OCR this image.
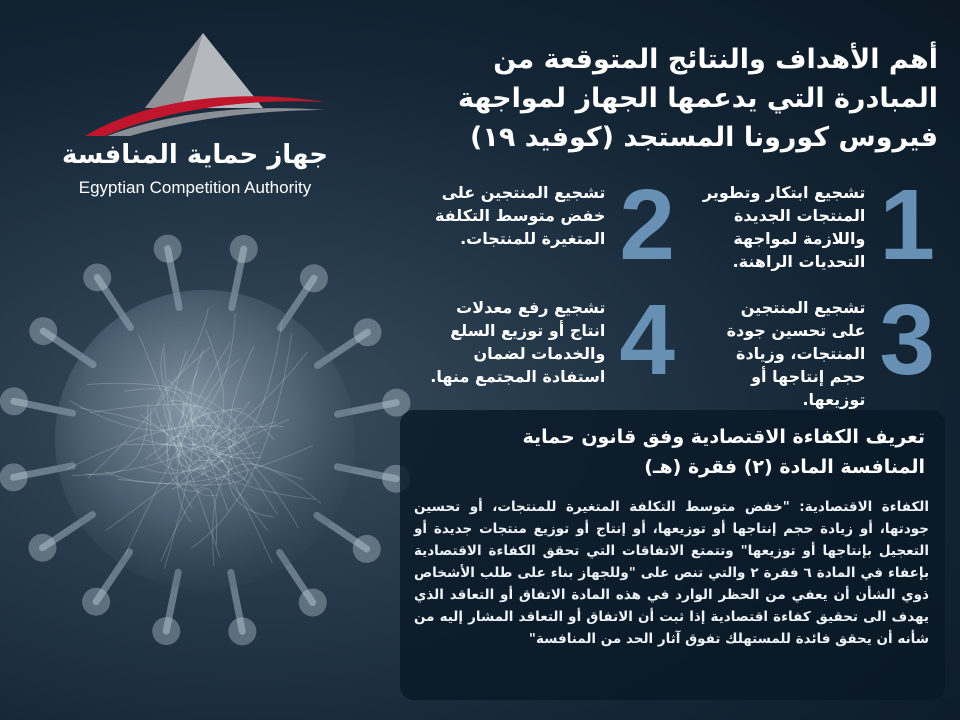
جهاز حماية المنافسة
Egyptian Competition Authority
أهم الأهداف والنتائج المتوقعة من
المبادرة التي يدعمها الجهاز لمواجهة
فيروس كورونا المستجد (كوفيد ١٩)
1
تشجيع ابتكار وتطوير
المنتجات الجديدة
واللازمة لمواجهة
التحديات الراهنة.
2
تشجيع المنتجين على
خفض متوسط التكلفة
المتغيرة للمنتجات.
3
تشجيع المنتجين
على تحسين جودة
المنتجات، وزيادة
حجم إنتاجها أو
توزيعها.
4
تشجيع رفع معدلات
انتاج أو توزيع السلع
والخدمات لضمان
استفادة المجتمع منها.
تعريف الكفاءة الاقتصادية وفق قانون حماية
المنافسة المادة (٢) فقرة (هـ)
الكفاءة الاقتصادية: "خفض متوسط التكلفة المتغيرة للمنتجات، أو تحسين جودتها، أو زيادة حجم إنتاجها أو توزيعها، أو إنتاج أو توزيع منتجات جديدة أو التعجيل بإنتاجها أو توزيعها" وتتمتع الاتفاقات التي تحقق الكفاءة الاقتصادية بإعفاء في المادة ٦ فقرة ٢ والتي تنص على "وللجهاز بناء على طلب الأشخاص ذوي الشأن أن يعفي من الحظر الوارد في هذه المادة الاتفاق أو التعاقد الذي يهدف الى تحقيق كفاءة اقتصادية إذا ثبت أن الاتفاق أو التعاقد المشار إليه من شأنه أن يحقق فائدة للمستهلك تفوق آثار الحد من المنافسة"
